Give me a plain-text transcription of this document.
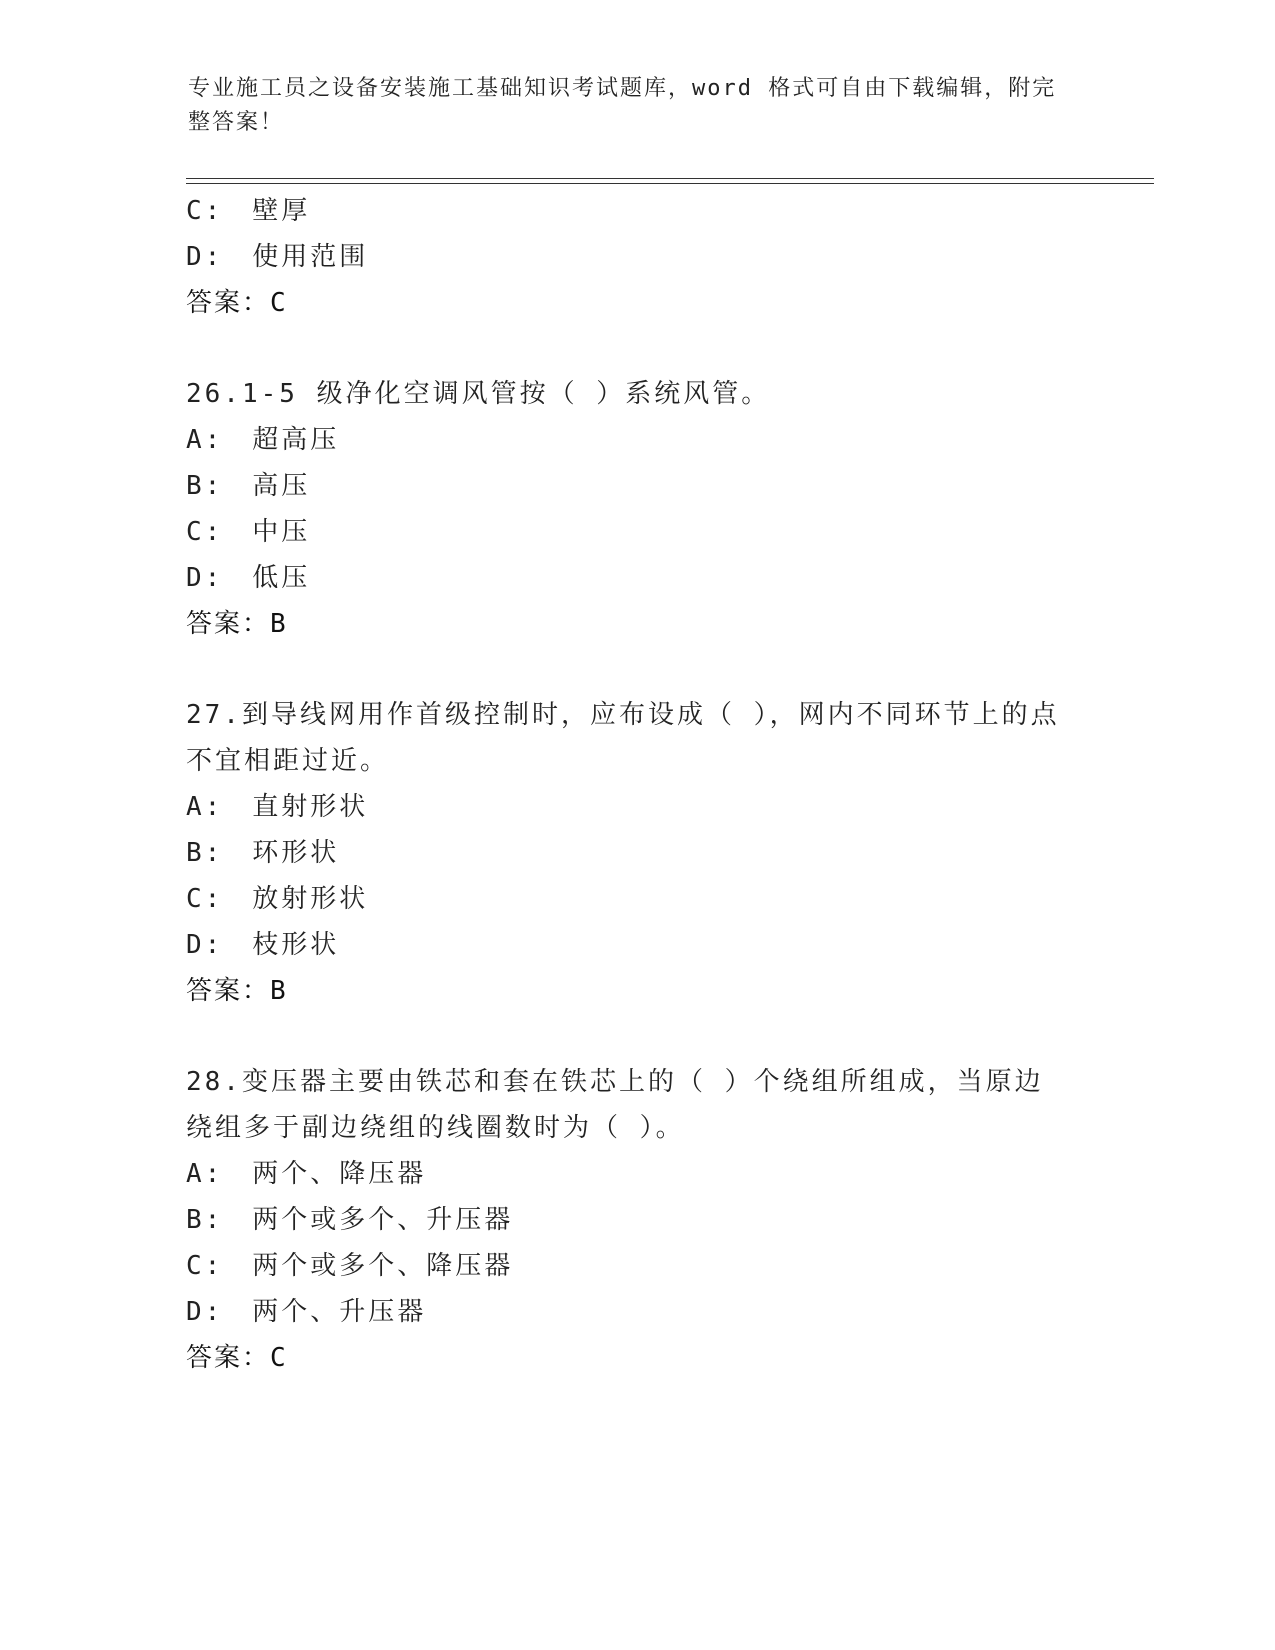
专业施工员之设备安装施工基础知识考试题库，word 格式可自由下载编辑，附完整答案！
C:　壁厚
D:　使用范围
答案：C
26.1-5 级净化空调风管按（ ）系统风管。
A:　超高压
B:　高压
C:　中压
D:　低压
答案：B
27.到导线网用作首级控制时，应布设成（ ），网内不同环节上的点不宜相距过近。
A:　直射形状
B:　环形状
C:　放射形状
D:　枝形状
答案：B
28.变压器主要由铁芯和套在铁芯上的（ ）个绕组所组成，当原边绕组多于副边绕组的线圈数时为（ ）。
A:　两个、降压器
B:　两个或多个、升压器
C:　两个或多个、降压器
D:　两个、升压器
答案：C
